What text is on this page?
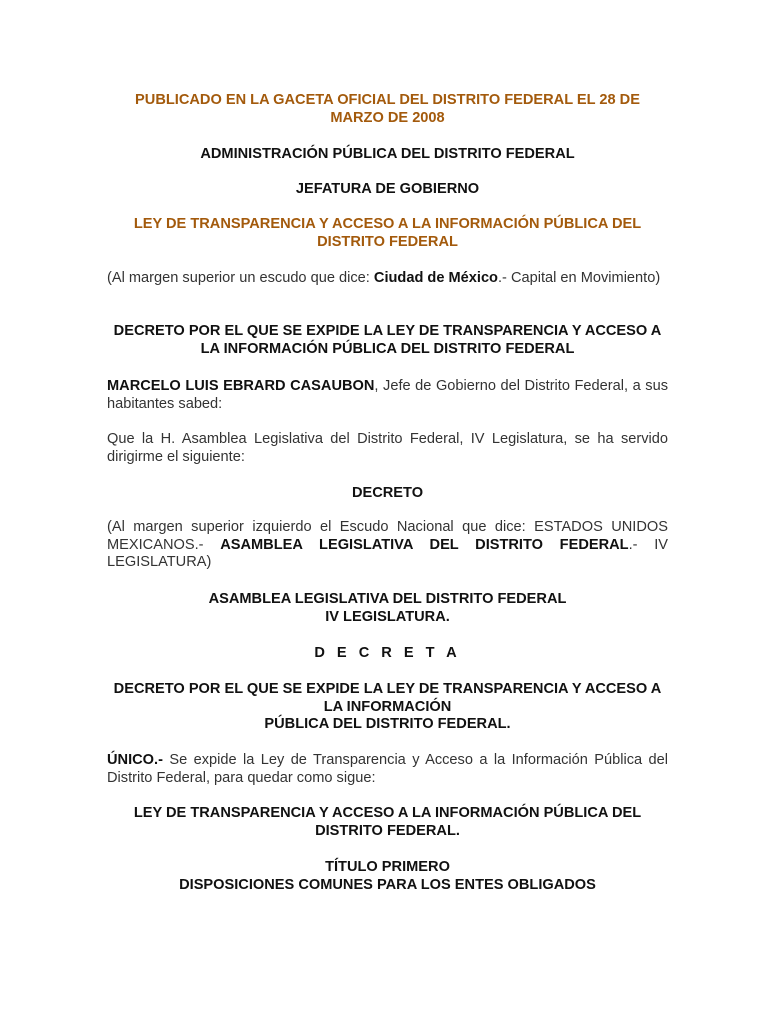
PUBLICADO EN LA GACETA OFICIAL DEL DISTRITO FEDERAL EL 28 DE MARZO DE 2008

ADMINISTRACIÓN PÚBLICA DEL DISTRITO FEDERAL

JEFATURA DE GOBIERNO

LEY DE TRANSPARENCIA Y ACCESO A LA INFORMACIÓN PÚBLICA DEL DISTRITO FEDERAL

(Al margen superior un escudo que dice: Ciudad de México.- Capital en Movimiento)

DECRETO POR EL QUE SE EXPIDE LA LEY DE TRANSPARENCIA Y ACCESO A LA INFORMACIÓN PÚBLICA DEL DISTRITO FEDERAL

MARCELO LUIS EBRARD CASAUBON, Jefe de Gobierno del Distrito Federal, a sus habitantes sabed:

Que la H. Asamblea Legislativa del Distrito Federal, IV Legislatura, se ha servido dirigirme el siguiente:

DECRETO

(Al margen superior izquierdo el Escudo Nacional que dice: ESTADOS UNIDOS MEXICANOS.- ASAMBLEA LEGISLATIVA DEL DISTRITO FEDERAL.- IV LEGISLATURA)

ASAMBLEA LEGISLATIVA DEL DISTRITO FEDERAL
IV LEGISLATURA.

D E C R E T A

DECRETO POR EL QUE SE EXPIDE LA LEY DE TRANSPARENCIA Y ACCESO A LA INFORMACIÓN
PÚBLICA DEL DISTRITO FEDERAL.

ÚNICO.- Se expide la Ley de Transparencia y Acceso a la Información Pública del Distrito Federal, para quedar como sigue:

LEY DE TRANSPARENCIA Y ACCESO A LA INFORMACIÓN PÚBLICA DEL DISTRITO FEDERAL.

TÍTULO PRIMERO
DISPOSICIONES COMUNES PARA LOS ENTES OBLIGADOS
